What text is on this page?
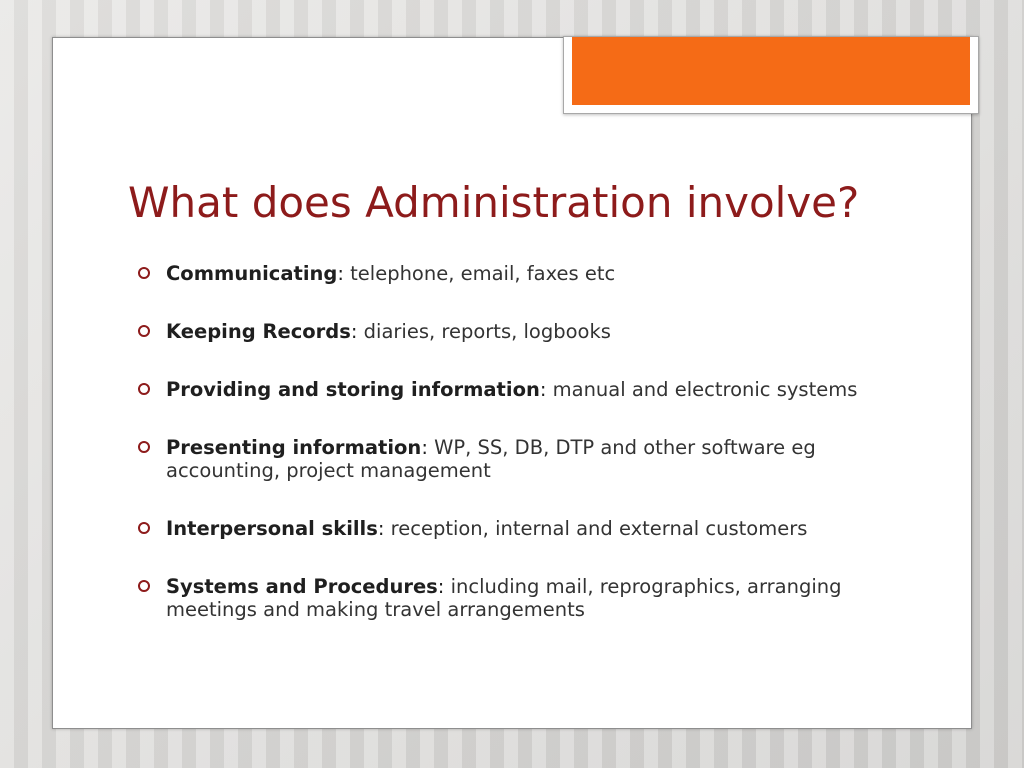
What does Administration involve?
Communicating: telephone, email, faxes etc
Keeping Records: diaries, reports, logbooks
Providing and storing information: manual and electronic systems
Presenting information: WP, SS, DB, DTP and other software eg accounting, project management
Interpersonal skills: reception, internal and external customers
Systems and Procedures: including mail, reprographics, arranging meetings and making travel arrangements
